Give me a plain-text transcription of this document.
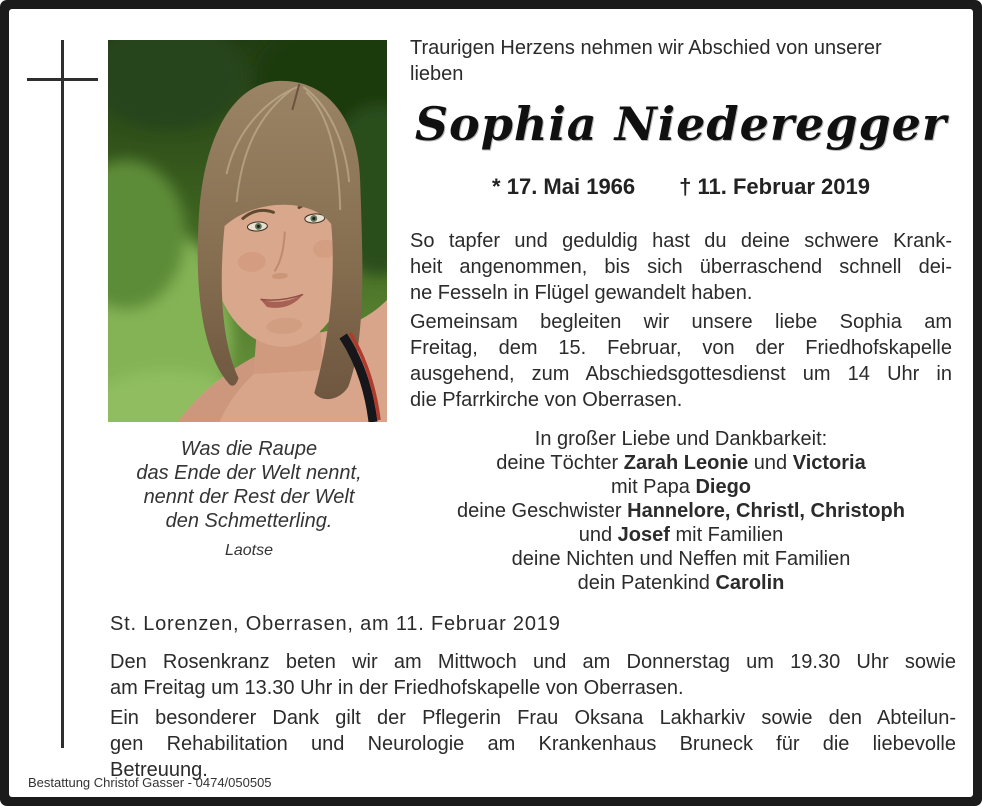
Was die Raupe
das Ende der Welt nennt,
nennt der Rest der Welt
den Schmetterling.
Laotse
Traurigen Herzens nehmen wir Abschied von unserer
lieben
Sophia Niederegger
* 17. Mai 1966 † 11. Februar 2019
So tapfer und geduldig hast du deine schwere Krank-
heit angenommen, bis sich überraschend schnell dei-
ne Fesseln in Flügel gewandelt haben.
Gemeinsam begleiten wir unsere liebe Sophia am
Freitag, dem 15. Februar, von der Friedhofskapelle
ausgehend, zum Abschiedsgottesdienst um 14 Uhr in
die Pfarrkirche von Oberrasen.
In großer Liebe und Dankbarkeit:
deine Töchter Zarah Leonie und Victoria
mit Papa Diego
deine Geschwister Hannelore, Christl, Christoph
und Josef mit Familien
deine Nichten und Neffen mit Familien
dein Patenkind Carolin
St. Lorenzen, Oberrasen, am 11. Februar 2019
Den Rosenkranz beten wir am Mittwoch und am Donnerstag um 19.30 Uhr sowie
am Freitag um 13.30 Uhr in der Friedhofskapelle von Oberrasen.
Ein besonderer Dank gilt der Pflegerin Frau Oksana Lakharkiv sowie den Abteilun-
gen Rehabilitation und Neurologie am Krankenhaus Bruneck für die liebevolle
Betreuung.
Bestattung Christof Gasser - 0474/050505
